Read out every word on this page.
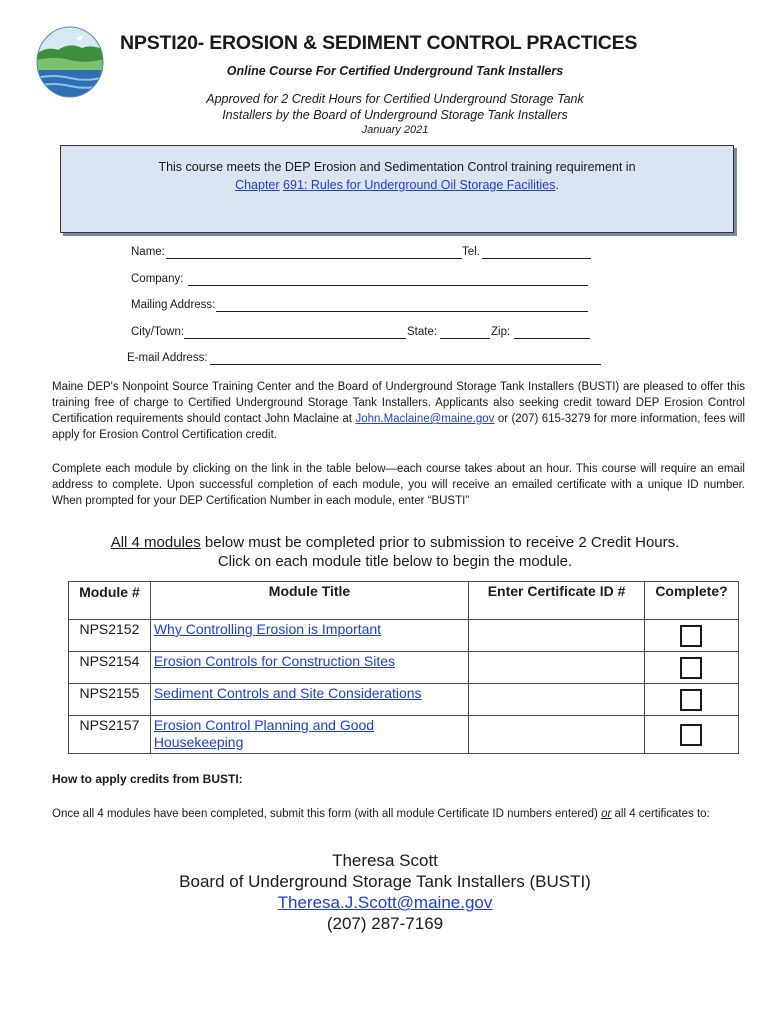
NPSTI20- EROSION & SEDIMENT CONTROL PRACTICES
Online Course For Certified Underground Tank Installers
Approved for 2 Credit Hours for Certified Underground Storage Tank
Installers by the Board of Underground Storage Tank Installers
January 2021
This course meets the DEP Erosion and Sedimentation Control training requirement in
Chapter 691: Rules for Underground Oil Storage Facilities.
Name:	Tel.
Company:
Mailing Address:
City/Town:	State:	Zip:
E-mail Address:
Maine DEP's Nonpoint Source Training Center and the Board of Underground Storage Tank Installers (BUSTI) are pleased to offer this training free of charge to Certified Underground Storage Tank Installers. Applicants also seeking credit toward DEP Erosion Control Certification requirements should contact John Maclaine at John.Maclaine@maine.gov or (207) 615-3279 for more information, fees will apply for Erosion Control Certification credit.
Complete each module by clicking on the link in the table below—each course takes about an hour. This course will require an email address to complete. Upon successful completion of each module, you will receive an emailed certificate with a unique ID number. When prompted for your DEP Certification Number in each module, enter “BUSTI”
All 4 modules below must be completed prior to submission to receive 2 Credit Hours.
Click on each module title below to begin the module.
Module #	Module Title	Enter Certificate ID #	Complete?
NPS2152	Why Controlling Erosion is Important		
NPS2154	Erosion Controls for Construction Sites		
NPS2155	Sediment Controls and Site Considerations		
NPS2157	Erosion Control Planning and Good Housekeeping		
How to apply credits from BUSTI:
Once all 4 modules have been completed, submit this form (with all module Certificate ID numbers entered) or all 4 certificates to:
Theresa Scott
Board of Underground Storage Tank Installers (BUSTI)
Theresa.J.Scott@maine.gov
(207) 287-7169
